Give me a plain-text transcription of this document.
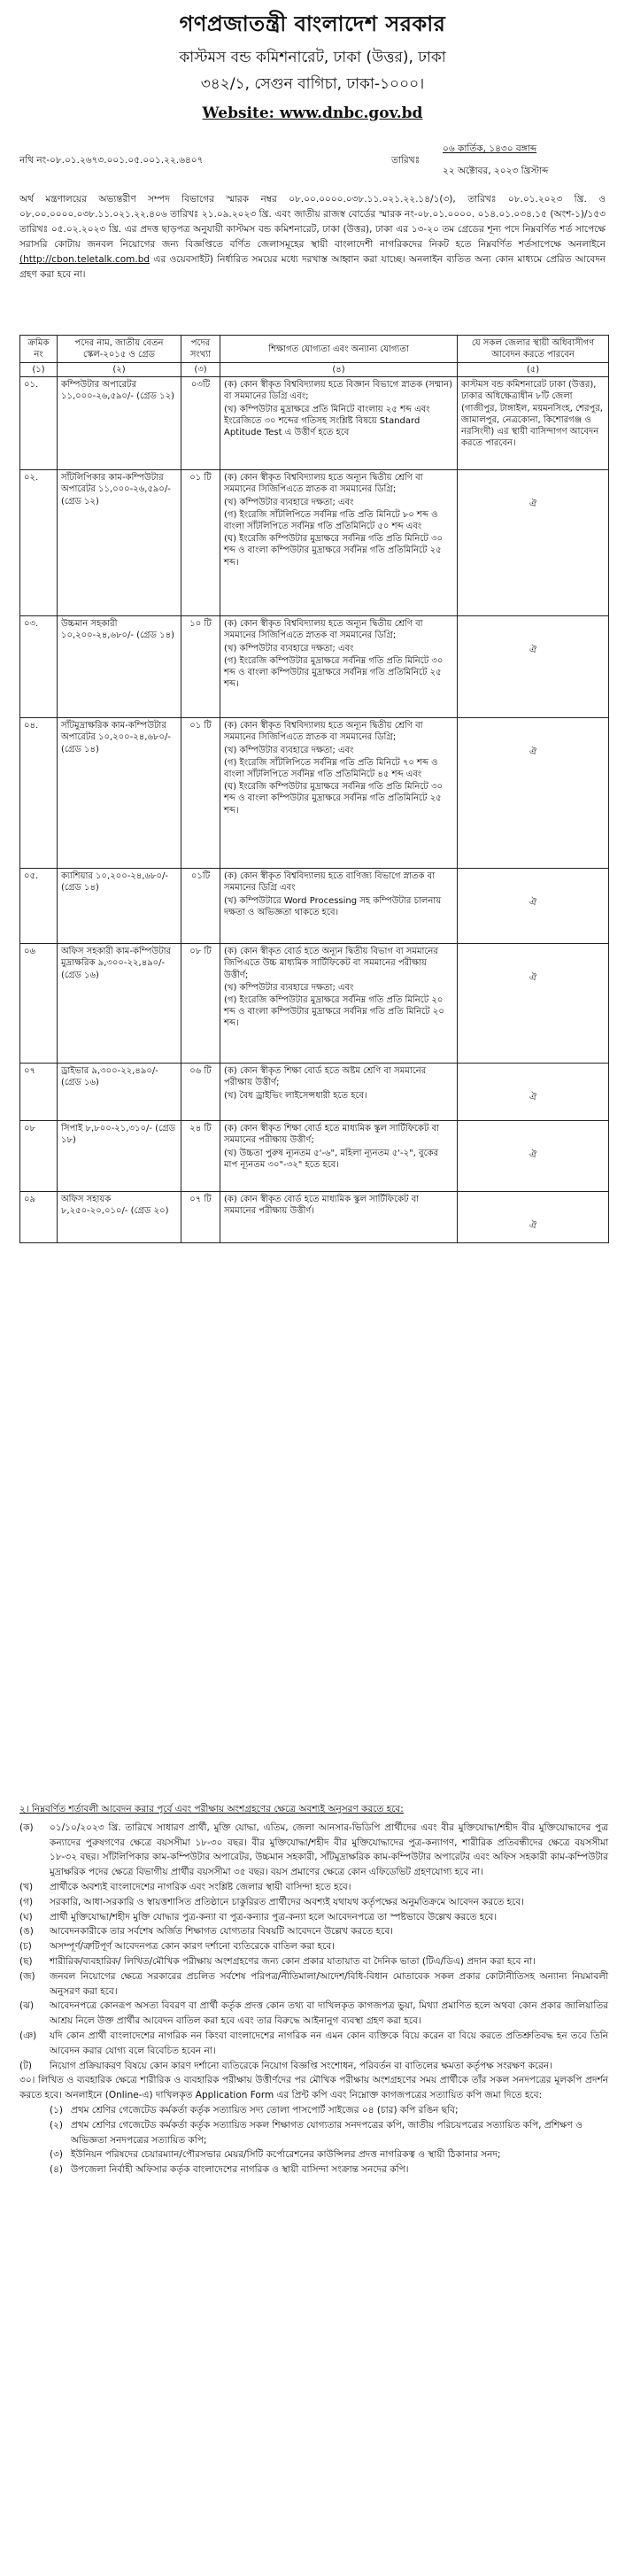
গণপ্রজাতন্ত্রী বাংলাদেশ সরকার
কাস্টমস বন্ড কমিশনারেট, ঢাকা (উত্তর), ঢাকা
৩৪২/১, সেগুন বাগিচা, ঢাকা-১০০০।
Website: www.dnbc.gov.bd
নথি নং-০৮.০১.২৬৭৩.০০১.০৫.০০১.২২.৬৪০৭	তারিখঃ
০৬ কার্তিক, ১৪৩০ বঙ্গাব্দ
২২ অক্টোবর, ২০২৩ খ্রিস্টাব্দ
অর্থ মন্ত্রণালয়ের অভ্যন্তরীণ সম্পদ বিভাগের স্মারক নম্বর ০৮.০০.০০০০.০৩৮.১১.০২১.২২.১৪/১(৩), তারিখঃ ০৮.০১.২০২৩ খ্রি. ও ০৮.০০.০০০০.০৩৮.১১.০২১.২২.৪০৬ তারিখঃ ২১.০৯.২০২৩ খ্রি. এবং জাতীয় রাজস্ব বোর্ডের স্মারক নং-০৮.০১.০০০০. ০১৪.০১.০৩৪.১৫ (অংশ-১)/১৫৩ তারিখঃ ০৫.০২.২০২৩ খ্রি. এর প্রদত্ত ছাড়পত্র অনুযায়ী কাস্টমস বন্ড কমিশনারেট, ঢাকা (উত্তর), ঢাকা এর ১৩-২০ তম গ্রেডের শূন্য পদে নিম্নবর্ণিত শর্ত সাপেক্ষে সরাসরি কোটায় জনবল নিয়োগের জন্য বিজ্ঞপ্তিতে বর্ণিত জেলাসমূহের স্থায়ী বাংলাদেশী নাগরিকদের নিকট হতে নিম্নবর্ণিত শর্তসাপেক্ষে অনলাইনে (http://cbon.teletalk.com.bd এর ওয়েবসাইট) নির্ধারিত সময়ের মধ্যে দরখাস্ত আহ্বান করা যাচ্ছে। অনলাইন ব্যতিত অন্য কোন মাধ্যমে প্রেরিত আবেদন গ্রহণ করা হবে না।
ক্রমিক নং	পদের নাম, জাতীয় বেতন স্কেল-২০১৫ ও গ্রেড	পদের সংখ্যা	শিক্ষাগত যোগ্যতা এবং অন্যান্য যোগ্যতা	যে সকল জেলার স্থায়ী অধিবাসীগণ আবেদন করতে পারবেন
(১)	(২)	(৩)	(৪)	(৫)
০১.	কম্পিউটার অপারেটর ১১,০০০-২৬,৫৯০/- (গ্রেড ১২)	০৩টি	(ক) কোন স্বীকৃত বিশ্ববিদ্যালয় হতে বিজ্ঞান বিভাগে স্নাতক (সম্মান) বা সমমানের ডিগ্রি এবং;
(খ) কম্পিউটার মুদ্রাক্ষরে প্রতি মিনিটে বাংলায় ২৫ শব্দ এবং ইংরেজিতে ৩০ শব্দের গতিসহ সংশ্লিষ্ট বিষয়ে Standard Aptitude Test এ উত্তীর্ণ হতে হবে	কাস্টমস বন্ড কমিশনারেট ঢাকা (উত্তর), ঢাকার অধিক্ষেত্রাধীন ৮টি জেলা (গাজীপুর, টাঙ্গাইল, ময়মনসিংহ, শেরপুর, জামালপুর, নেত্রকোনা, কিশোরগঞ্জ ও নরসিংদী) এর স্থায়ী বাসিন্দাগণ আবেদন করতে পারবেন।
০২.	সাঁটলিপিকার কাম-কম্পিউটার অপারেটর ১১,০০০-২৬,৫৯০/- (গ্রেড ১২)	০১ টি	(ক) কোন স্বীকৃত বিশ্ববিদ্যালয় হতে অন্যূন দ্বিতীয় শ্রেণি বা সমমানের সিজিপিএতে স্নাতক বা সমমানের ডিগ্রি;
(খ) কম্পিউটার ব্যবহারে দক্ষতা; এবং
(গ) ইংরেজি সাঁটলিপিতে সর্বনিম্ন গতি প্রতি মিনিটে ৮০ শব্দ ও বাংলা সাঁটলিপিতে সর্বনিম্ন গতি প্রতিমিনিটে ৫০ শব্দ এবং
(ঘ) ইংরেজি কম্পিউটার মুদ্রাক্ষরে সর্বনিম্ন গতি প্রতি মিনিটে ৩০ শব্দ ও বাংলা কম্পিউটার মুদ্রাক্ষরে সর্বনিম্ন গতি প্রতিমিনিটে ২৫ শব্দ।	ঐ

০৩.	উচ্চমান সহকারী ১০,২০০-২৪,৬৮০/- (গ্রেড ১৪)	১০ টি	(ক) কোন স্বীকৃত বিশ্ববিদ্যালয় হতে অন্যূন দ্বিতীয় শ্রেণি বা সমমানের সিজিপিএতে স্নাতক বা সমমানের ডিগ্রি;
(খ) কম্পিউটার ব্যবহারে দক্ষতা; এবং
(গ) ইংরেজি কম্পিউটার মুদ্রাক্ষরে সর্বনিম্ন গতি প্রতি মিনিটে ৩০ শব্দ ও বাংলা কম্পিউটার মুদ্রাক্ষরে সর্বনিম্ন গতি প্রতিমিনিটে ২৫ শব্দ।	ঐ

০৪.	সাঁটমুদ্রাক্ষরিক কাম-কম্পিউটার অপারেটর ১০,২০০-২৪,৬৮০/- (গ্রেড ১৪)	০১ টি	(ক) কোন স্বীকৃত বিশ্ববিদ্যালয় হতে অন্যূন দ্বিতীয় শ্রেণি বা সমমানের সিজিপিএতে স্নাতক বা সমমানের ডিগ্রি;
(খ) কম্পিউটার ব্যবহারে দক্ষতা; এবং
(গ) ইংরেজি সাঁটলিপিতে সর্বনিম্ন গতি প্রতি মিনিটে ৭০ শব্দ ও বাংলা সাঁটলিপিতে সর্বনিম্ন গতি প্রতিমিনিটে ৪৫ শব্দ এবং
(ঘ) ইংরেজি কম্পিউটার মুদ্রাক্ষরে সর্বনিম্ন গতি প্রতি মিনিটে ৩০ শব্দ ও বাংলা কম্পিউটার মুদ্রাক্ষরে সর্বনিম্ন গতি প্রতিমিনিটে ২৫ শব্দ।	ঐ

০৫.	ক্যাশিয়ার ১০,২০০-২৪,৬৮০/- (গ্রেড ১৪)	০১টি	(ক) কোন স্বীকৃত বিশ্ববিদ্যালয় হতে বাণিজ্য বিভাগে স্নাতক বা সমমানের ডিগ্রি এবং
(খ) কম্পিউটারে Word Processing সহ কম্পিউটার চালনায় দক্ষতা ও অভিজ্ঞতা থাকতে হবে।	ঐ

০৬	অফিস সহকারী কাম-কম্পিউটার মুদ্রাক্ষরিক ৯,৩০০-২২,৪৯০/- (গ্রেড ১৬)	০৮ টি	(ক) কোন স্বীকৃত বোর্ড হতে অন্যূন দ্বিতীয় বিভাগ বা সমমানের জিপিএতে উচ্চ মাধ্যমিক সার্টিফিকেট বা সমমানের পরীক্ষায় উত্তীর্ণ;
(খ) কম্পিউটার ব্যবহারে দক্ষতা; এবং
(গ) ইংরেজি কম্পিউটার মুদ্রাক্ষরে সর্বনিম্ন গতি প্রতি মিনিটে ২০ শব্দ ও বাংলা কম্পিউটার মুদ্রাক্ষরে সর্বনিম্ন গতি প্রতি মিনিটে ২০ শব্দ।	ঐ

০৭	ড্রাইভার ৯,৩০০-২২,৪৯০/- (গ্রেড ১৬)	০৬ টি	(ক) কোন স্বীকৃত শিক্ষা বোর্ড হতে অষ্টম শ্রেণি বা সমমানের পরীক্ষায় উত্তীর্ণ;
(খ) বৈধ ড্রাইভিং লাইসেন্সধারী হতে হবে।	ঐ

০৮	সিপাই ৮,৮০০-২১,৩১০/- (গ্রেড ১৮)	২৪ টি	(ক) কোন স্বীকৃত শিক্ষা বোর্ড হতে মাধ্যমিক স্কুল সার্টিফিকেট বা সমমানের পরীক্ষায় উত্তীর্ণ;
(খ) উচ্চতা পুরুষ ন্যূনতম ৫'-৬", মহিলা ন্যূনতম ৫'-২", বুকের মাপ ন্যূনতম ৩০"-৩২" হতে হবে।	ঐ

০৯	অফিস সহায়ক ৮,২৫০-২০,০১০/- (গ্রেড ২০)	০৭ টি	(ক) কোন স্বীকৃত বোর্ড হতে মাধ্যমিক স্কুল সার্টিফিকেট বা সমমানের পরীক্ষায় উত্তীর্ণ।	ঐ
২। নিম্নবর্ণিত শর্তাবলী আবেদন করার পূর্বে এবং পরীক্ষায় অংশগ্রহণের ক্ষেত্রে অবশ্যই অনুসরণ করতে হবে:
(ক)	০১/১০/২০২৩ খ্রি. তারিখে সাধারণ প্রার্থী, মুক্তি যোদ্ধা, এতিম, জেলা আনসার-ভিডিপি প্রার্থীদের এবং বীর মুক্তিযোদ্ধা/শহীদ বীর মুক্তিযোদ্ধাদের পুত্র কন্যাদের পুরুষগণের ক্ষেত্রে বয়সসীমা ১৮-৩০ বছর। বীর মুক্তিযোদ্ধা/শহীদ বীর মুক্তিযোদ্ধাদের পুত্র-কন্যাগণ, শারীরিক প্রতিবন্ধীদের ক্ষেত্রে বয়সসীমা ১৮-৩২ বছর। সাঁটলিপিকার কাম-কম্পিউটার অপারেটর, উচ্চমান সহকারী, সাঁটমুদ্রাক্ষরিক কাম-কম্পিউটার অপারেটর এবং অফিস সহকারী কাম-কম্পিউটার মুদ্রাক্ষরিক পদের ক্ষেত্রে বিভাগীয় প্রার্থীর বয়সসীমা ৩৫ বছর। বয়স প্রমাণের ক্ষেত্রে কোন এফিডেভিট গ্রহণযোগ্য হবে না।
(খ)	প্রার্থীকে অবশ্যই বাংলাদেশের নাগরিক এবং সংশ্লিষ্ট জেলার স্থায়ী বাসিন্দা হতে হবে।
(গ)	সরকারি, আধা-সরকারি ও স্বায়ত্তশাসিত প্রতিষ্ঠানে চাকুরিরত প্রার্থীদের অবশ্যই যথাযথ কর্তৃপক্ষের অনুমতিক্রমে আবেদন করতে হবে।
(ঘ)	প্রার্থী মুক্তিযোদ্ধা/শহীদ মুক্তি যোদ্ধার পুত্র-কন্যা বা পুত্র-কন্যার পুত্র-কন্যা হলে আবেদনপত্রে তা স্পষ্টভাবে উল্লেখ করতে হবে।
(ঙ)	আবেদনকারীকে তার সর্বশেষ অর্জিত শিক্ষাগত যোগ্যতার বিষয়টি আবেদনে উল্লেখ করতে হবে।
(চ)	অসম্পূর্ণ/ত্রুটিপূর্ণ আবেদনপত্র কোন কারণ দর্শানো ব্যতিরেকে বাতিল করা হবে।
(ছ)	শারীরিক/ব্যবহারিক/ লিখিত/মৌখিক পরীক্ষায় অংশগ্রহণের জন্য কোন প্রকার যাতায়াত বা দৈনিক ভাতা (টিএ/ডিএ) প্রদান করা হবে না।
(জ)	জনবল নিয়োগের ক্ষেত্রে সরকারের প্রচলিত সর্বশেষ পরিপত্র/নীতিমালা/আদেশ/বিধি-বিধান মোতাবেক সকল প্রকার কোটানীতিসহ অন্যান্য নিয়মাবলী অনুসরণ করা হবে।
(ঝ)	আবেদনপত্রে কোনরূপ অসত্য বিবরণ বা প্রার্থী কর্তৃক প্রদত্ত কোন তথ্য বা দাখিলকৃত কাগজপত্র ভুয়া, মিথ্যা প্রমাণিত হলে অথবা কোন প্রকার জালিয়াতির আশ্রয় নিলে উক্ত প্রার্থীর আবেদন বাতিল করা হবে এবং তার বিরুদ্ধে আইনানুগ ব্যবস্থা গ্রহণ করা হবে।
(ঞ)	যদি কোন প্রার্থী বাংলাদেশের নাগরিক নন কিংবা বাংলাদেশের নাগরিক নন এমন কোন ব্যক্তিকে বিয়ে করেন বা বিয়ে করতে প্রতিশ্রুতিবদ্ধ হন তবে তিনি আবেদন করার যোগ্য বলে বিবেচিত হবেন না।
(ট)	নিয়োগ প্রক্রিয়াকরণ বিষয়ে কোন কারণ দর্শানো ব্যতিরেকে নিয়োগ বিজ্ঞপ্তি সংশোধন, পরিবর্তন বা বাতিলের ক্ষমতা কর্তৃপক্ষ সংরক্ষণ করেন।
৩০। লিখিত ও ব্যবহারিক ক্ষেত্রে শারীরিক ও ব্যবহারিক পরীক্ষায় উত্তীর্ণদের পর মৌখিক পরীক্ষায় অংশগ্রহণের সময় প্রার্থীকে তাঁর সকল সনদপত্রের মূলকপি প্রদর্শন করতে হবে। অনলাইনে (Online-এ) দাখিলকৃত Application Form এর প্রিন্ট কপি এবং নিম্নোক্ত কাগজপত্রের সত্যায়িত কপি জমা দিতে হবে:
(১) প্রথম শ্রেণির গেজেটেড কর্মকর্তা কর্তৃক সত্যায়িত সদ্য তোলা পাসপোর্ট সাইজের ০৪ (চার) কপি রঙিন ছবি;
(২) প্রথম শ্রেণির গেজেটেড কর্মকর্তা কর্তৃক সত্যায়িত সকল শিক্ষাগত যোগ্যতার সনদপত্রের কপি, জাতীয় পরিচয়পত্রের সত্যায়িত কপি, প্রশিক্ষণ ও অভিজ্ঞতা সনদপত্রের সত্যায়িত কপি;
(৩) ইউনিয়ন পরিষদের চেয়ারম্যান/পৌরসভার মেয়র/সিটি কর্পোরেশনের কাউন্সিলর প্রদত্ত নাগরিকত্ব ও স্থায়ী ঠিকানার সনদ;
(৪) উপজেলা নির্বাহী অফিসার কর্তৃক বাংলাদেশের নাগরিক ও স্থায়ী বাসিন্দা সংক্রান্ত সনদের কপি।
